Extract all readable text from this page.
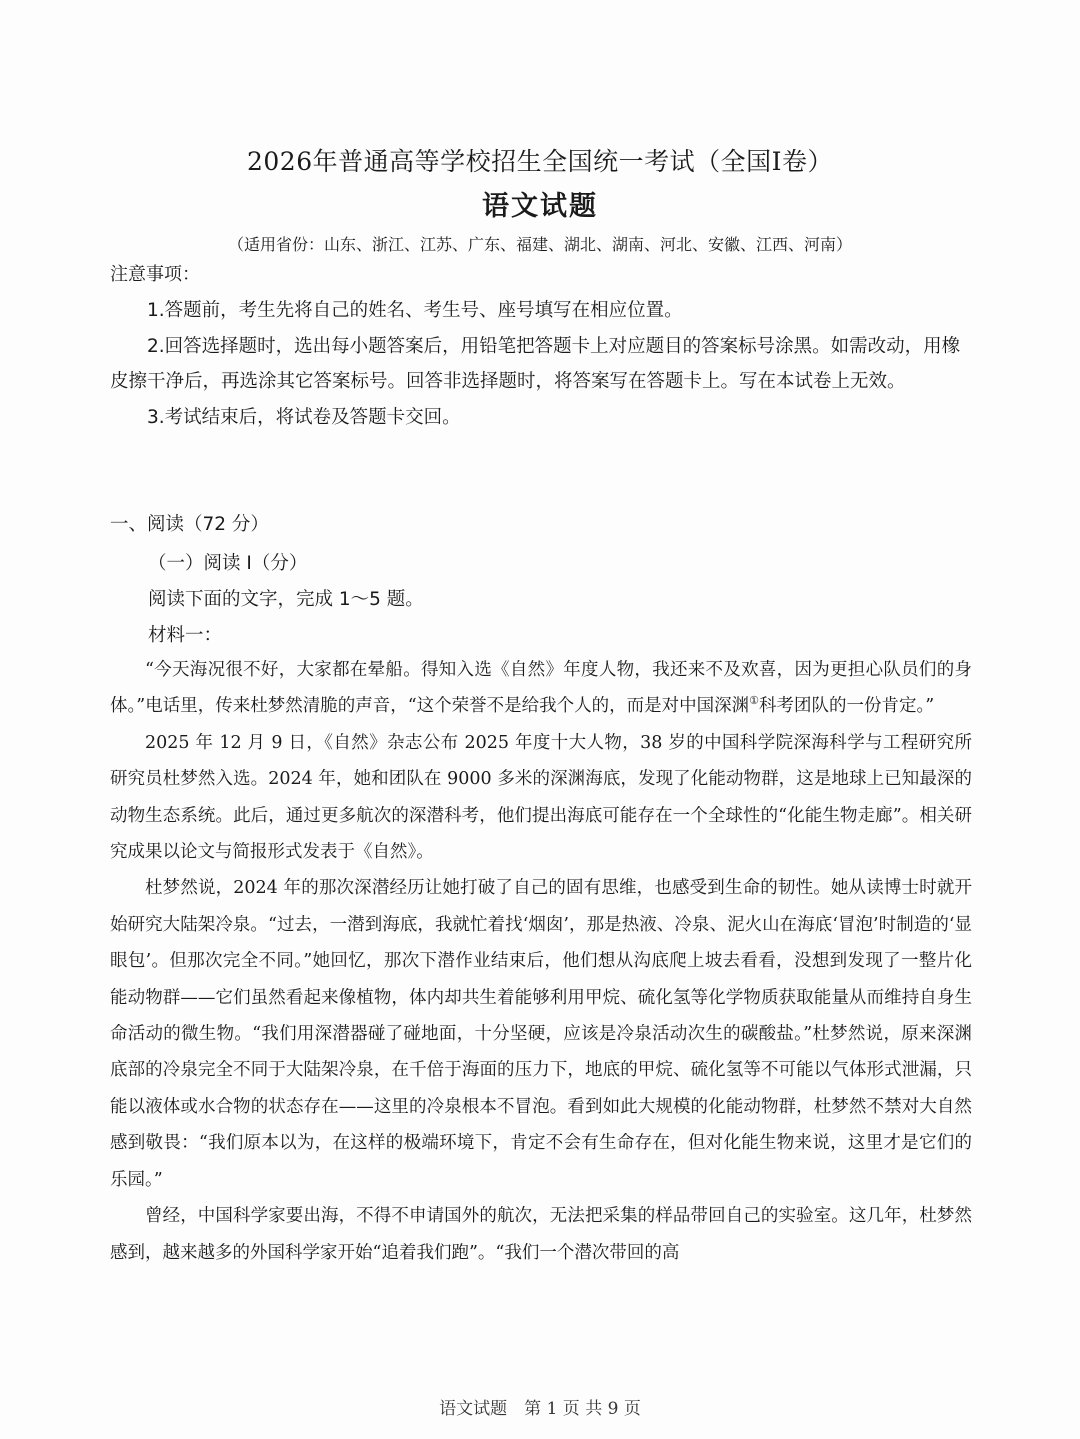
2026年普通高等学校招生全国统一考试（全国Ⅰ卷）
语文试题
（适用省份：山东、浙江、江苏、广东、福建、湖北、湖南、河北、安徽、江西、河南）
注意事项：

1.答题前，考生先将自己的姓名、考生号、座号填写在相应位置。

2.回答选择题时，选出每小题答案后，用铅笔把答题卡上对应题目的答案标号涂黑。如需改动，用橡皮擦干净后，再选涂其它答案标号。回答非选择题时，将答案写在答题卡上。写在本试卷上无效。

3.考试结束后，将试卷及答题卡交回。

一、阅读（72 分）
（一）阅读 I（分）
阅读下面的文字，完成 1～5 题。
材料一：

“今天海况很不好，大家都在晕船。得知入选《自然》年度人物，我还来不及欢喜，因为更担心队员们的身体。”电话里，传来杜梦然清脆的声音，“这个荣誉不是给我个人的，而是对中国深渊①科考团队的一份肯定。”

2025 年 12 月 9 日，《自然》杂志公布 2025 年度十大人物，38 岁的中国科学院深海科学与工程研究所研究员杜梦然入选。2024 年，她和团队在 9000 多米的深渊海底，发现了化能动物群，这是地球上已知最深的动物生态系统。此后，通过更多航次的深潜科考，他们提出海底可能存在一个全球性的“化能生物走廊”。相关研究成果以论文与简报形式发表于《自然》。

杜梦然说，2024 年的那次深潜经历让她打破了自己的固有思维，也感受到生命的韧性。她从读博士时就开始研究大陆架冷泉。“过去，一潜到海底，我就忙着找‘烟囱’，那是热液、冷泉、泥火山在海底‘冒泡’时制造的‘显眼包’。但那次完全不同。”她回忆，那次下潜作业结束后，他们想从沟底爬上坡去看看，没想到发现了一整片化能动物群——它们虽然看起来像植物，体内却共生着能够利用甲烷、硫化氢等化学物质获取能量从而维持自身生命活动的微生物。“我们用深潜器碰了碰地面，十分坚硬，应该是冷泉活动次生的碳酸盐。”杜梦然说，原来深渊底部的冷泉完全不同于大陆架冷泉，在千倍于海面的压力下，地底的甲烷、硫化氢等不可能以气体形式泄漏，只能以液体或水合物的状态存在——这里的冷泉根本不冒泡。看到如此大规模的化能动物群，杜梦然不禁对大自然感到敬畏：“我们原本以为，在这样的极端环境下，肯定不会有生命存在，但对化能生物来说，这里才是它们的乐园。”

曾经，中国科学家要出海，不得不申请国外的航次，无法把采集的样品带回自己的实验室。这几年，杜梦然感到，越来越多的外国科学家开始“追着我们跑”。“我们一个潜次带回的高

语文试题　第 1 页 共 9 页
